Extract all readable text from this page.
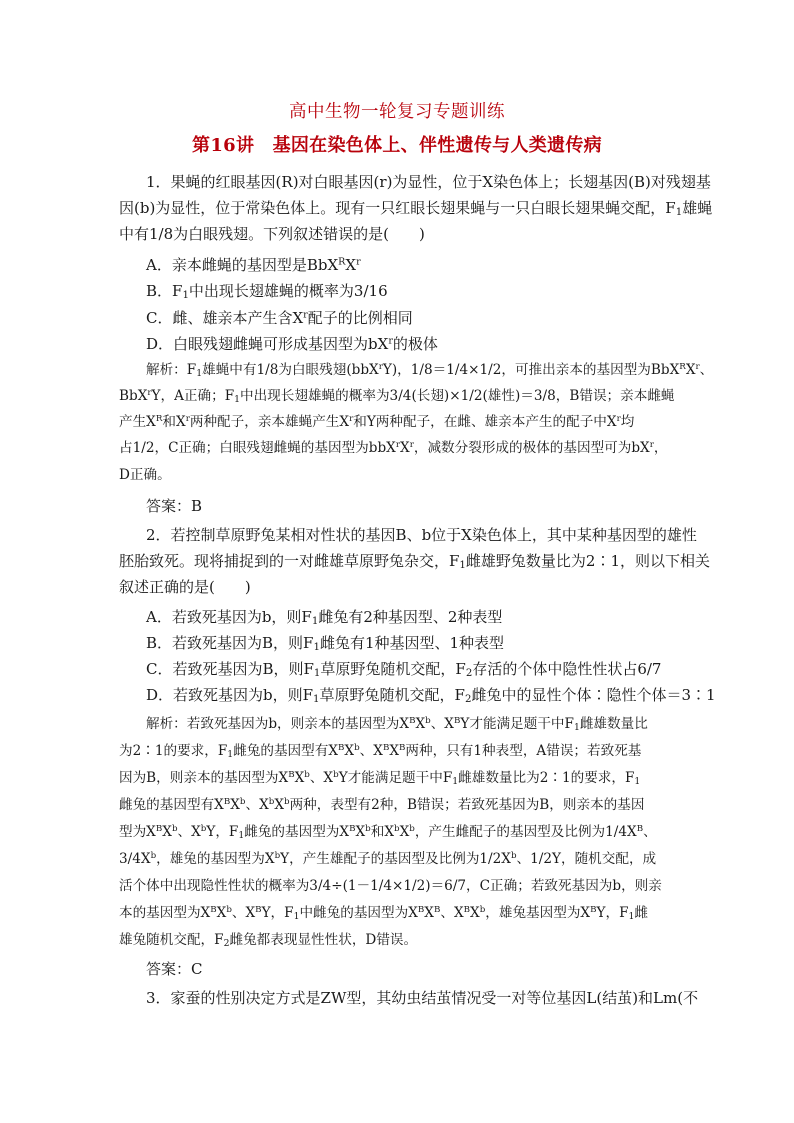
高中生物一轮复习专题训练
第16讲　基因在染色体上、伴性遗传与人类遗传病
1．果蝇的红眼基因(R)对白眼基因(r)为显性，位于X染色体上；长翅基因(B)对残翅基
因(b)为显性，位于常染色体上。现有一只红眼长翅果蝇与一只白眼长翅果蝇交配，$F_1$雄蝇
中有1/8为白眼残翅。下列叙述错误的是(　　)
A．亲本雌蝇的基因型是$BbX^RX^r$
B．$F_1$中出现长翅雄蝇的概率为3/16
C．雌、雄亲本产生含$X^r$配子的比例相同
D．白眼残翅雌蝇可形成基因型为$bX^r$的极体
解析：$F_1$雄蝇中有1/8为白眼残翅(bbX$^r$Y)，1/8＝1/4×1/2，可推出亲本的基因型为$BbX^RX^r$、
BbX$^r$Y，A正确；$F_1$中出现长翅雄蝇的概率为3/4(长翅)×1/2(雄性)＝3/8，B错误；亲本雌蝇
产生$X^R$和$X^r$两种配子，亲本雄蝇产生$X^r$和Y两种配子，在雌、雄亲本产生的配子中$X^r$均
占1/2，C正确；白眼残翅雌蝇的基因型为$bbX^rX^r$，减数分裂形成的极体的基因型可为$bX^r$，
D正确。
答案：B
2．若控制草原野兔某相对性状的基因B、b位于X染色体上，其中某种基因型的雄性
胚胎致死。现将捕捉到的一对雌雄草原野兔杂交，$F_1$雌雄野兔数量比为2∶1，则以下相关
叙述正确的是(　　)
A．若致死基因为b，则$F_1$雌兔有2种基因型、2种表型
B．若致死基因为B，则$F_1$雌兔有1种基因型、1种表型
C．若致死基因为B，则$F_1$草原野兔随机交配，$F_2$存活的个体中隐性性状占6/7
D．若致死基因为b，则$F_1$草原野兔随机交配，$F_2$雌兔中的显性个体∶隐性个体＝3∶1
解析：若致死基因为b，则亲本的基因型为$X^BX^b$、$X^BY$才能满足题干中$F_1$雌雄数量比
为2∶1的要求，$F_1$雌兔的基因型有$X^BX^b$、$X^BX^B$两种，只有1种表型，A错误；若致死基
因为B，则亲本的基因型为$X^BX^b$、$X^bY$才能满足题干中$F_1$雌雄数量比为2∶1的要求，$F_1$
雌兔的基因型有$X^BX^b$、$X^bX^b$两种，表型有2种，B错误；若致死基因为B，则亲本的基因
型为$X^BX^b$、$X^bY$，$F_1$雌兔的基因型为$X^BX^b$和$X^bX^b$，产生雌配子的基因型及比例为$1/4X^B$、
$3/4X^b$，雄兔的基因型为$X^bY$，产生雄配子的基因型及比例为$1/2X^b$、1/2Y，随机交配，成
活个体中出现隐性性状的概率为3/4÷(1－1/4×1/2)＝6/7，C正确；若致死基因为b，则亲
本的基因型为$X^BX^b$、$X^BY$，$F_1$中雌兔的基因型为$X^BX^B$、$X^BX^b$，雄兔基因型为$X^BY$，$F_1$雌
雄兔随机交配，$F_2$雌兔都表现显性性状，D错误。
答案：C
3．家蚕的性别决定方式是ZW型，其幼虫结茧情况受一对等位基因L(结茧)和Lm(不
